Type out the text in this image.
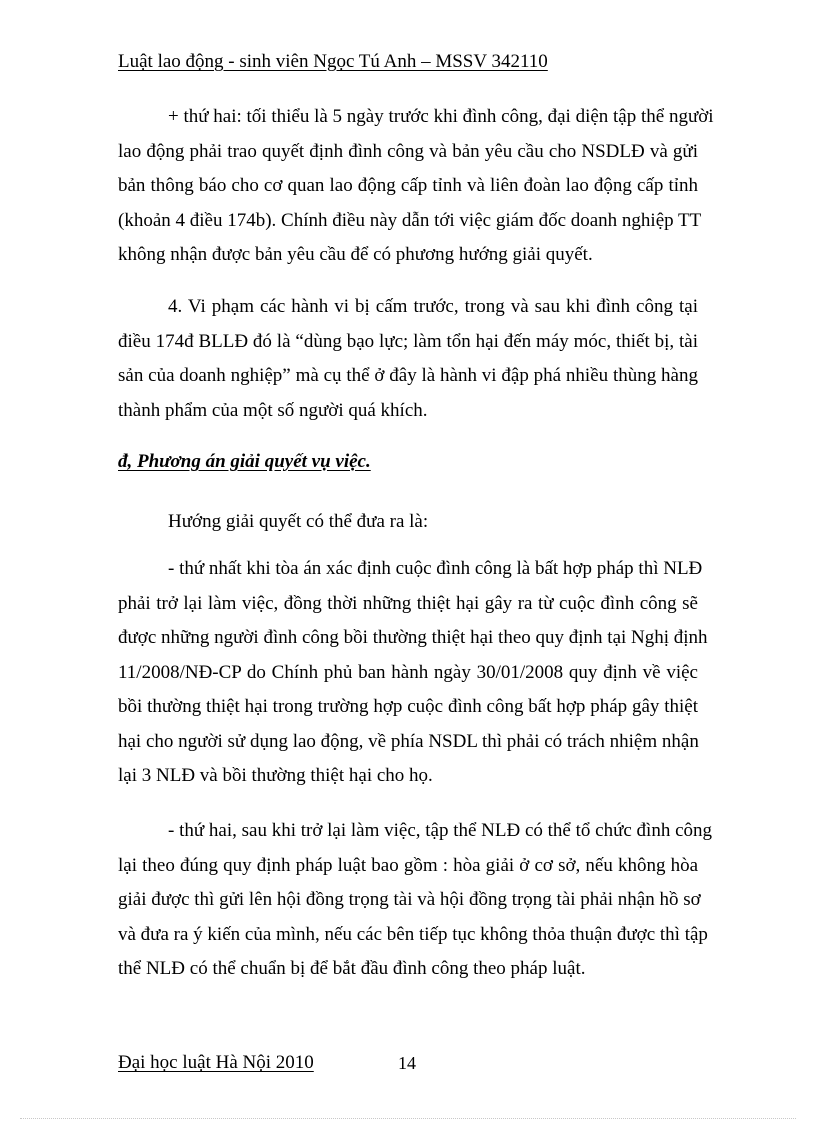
Luật lao động - sinh viên Ngọc Tú Anh – MSSV 342110
+ thứ hai: tối thiểu là 5 ngày trước khi đình công, đại diện tập thể người
lao động phải trao quyết định đình công và bản yêu cầu cho NSDLĐ và gửi
bản thông báo cho cơ quan lao động cấp tỉnh và liên đoàn lao động cấp tỉnh
(khoản 4 điều 174b). Chính điều này dẫn tới việc giám đốc doanh nghiệp TT
không nhận được bản yêu cầu để có phương hướng giải quyết.
4. Vi phạm các hành vi bị cấm trước, trong và sau khi đình công tại
điều 174đ BLLĐ đó là “dùng bạo lực; làm tổn hại đến máy móc, thiết bị, tài
sản của doanh nghiệp” mà cụ thể ở đây là hành vi đập phá nhiều thùng hàng
thành phẩm của một số người quá khích.
đ, Phương án giải quyết vụ việc.
Hướng giải quyết có thể đưa ra là:
- thứ nhất khi tòa án xác định cuộc đình công là bất hợp pháp thì NLĐ
phải trở lại làm việc, đồng thời những thiệt hại gây ra từ cuộc đình công sẽ
được những người đình công bồi thường thiệt hại theo quy định tại Nghị định
11/2008/NĐ-CP do Chính phủ ban hành ngày 30/01/2008 quy định về việc
bồi thường thiệt hại trong trường hợp cuộc đình công bất hợp pháp gây thiệt
hại cho người sử dụng lao động, về phía NSDL thì phải có trách nhiệm nhận
lại 3 NLĐ và bồi thường thiệt hại cho họ.
- thứ hai, sau khi trở lại làm việc, tập thể NLĐ có thể tổ chức đình công
lại theo đúng quy định pháp luật bao gồm : hòa giải ở cơ sở, nếu không hòa
giải được thì gửi lên hội đồng trọng tài và hội đồng trọng tài phải nhận hồ sơ
và đưa ra ý kiến của mình, nếu các bên tiếp tục không thỏa thuận được thì tập
thể NLĐ có thể chuẩn bị để bắt đầu đình công theo pháp luật.
Đại học luật Hà Nội 2010	14
